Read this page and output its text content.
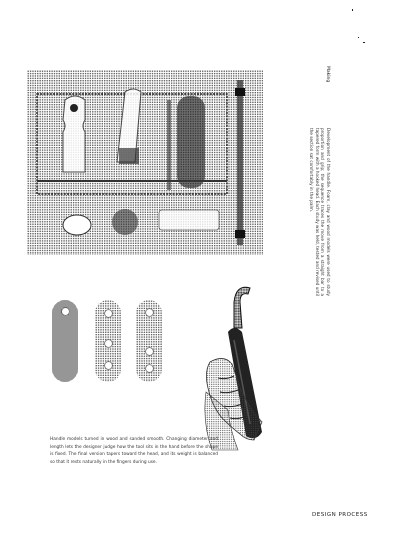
Making
Development of the handle. Foam, clay and wood models were used to study proportion and grip; the sequence traces the move from a straight bar to a tapered form with a hooked head. Each study was held, tested and revised until the section sat comfortably in the palm.
Handle models turned in wood and sanded smooth. Changing diameter and length lets the designer judge how the tool sits in the hand before the shape is fixed. The final version tapers toward the head, and its weight is balanced so that it rests naturally in the fingers during use.
DESIGN PROCESS
